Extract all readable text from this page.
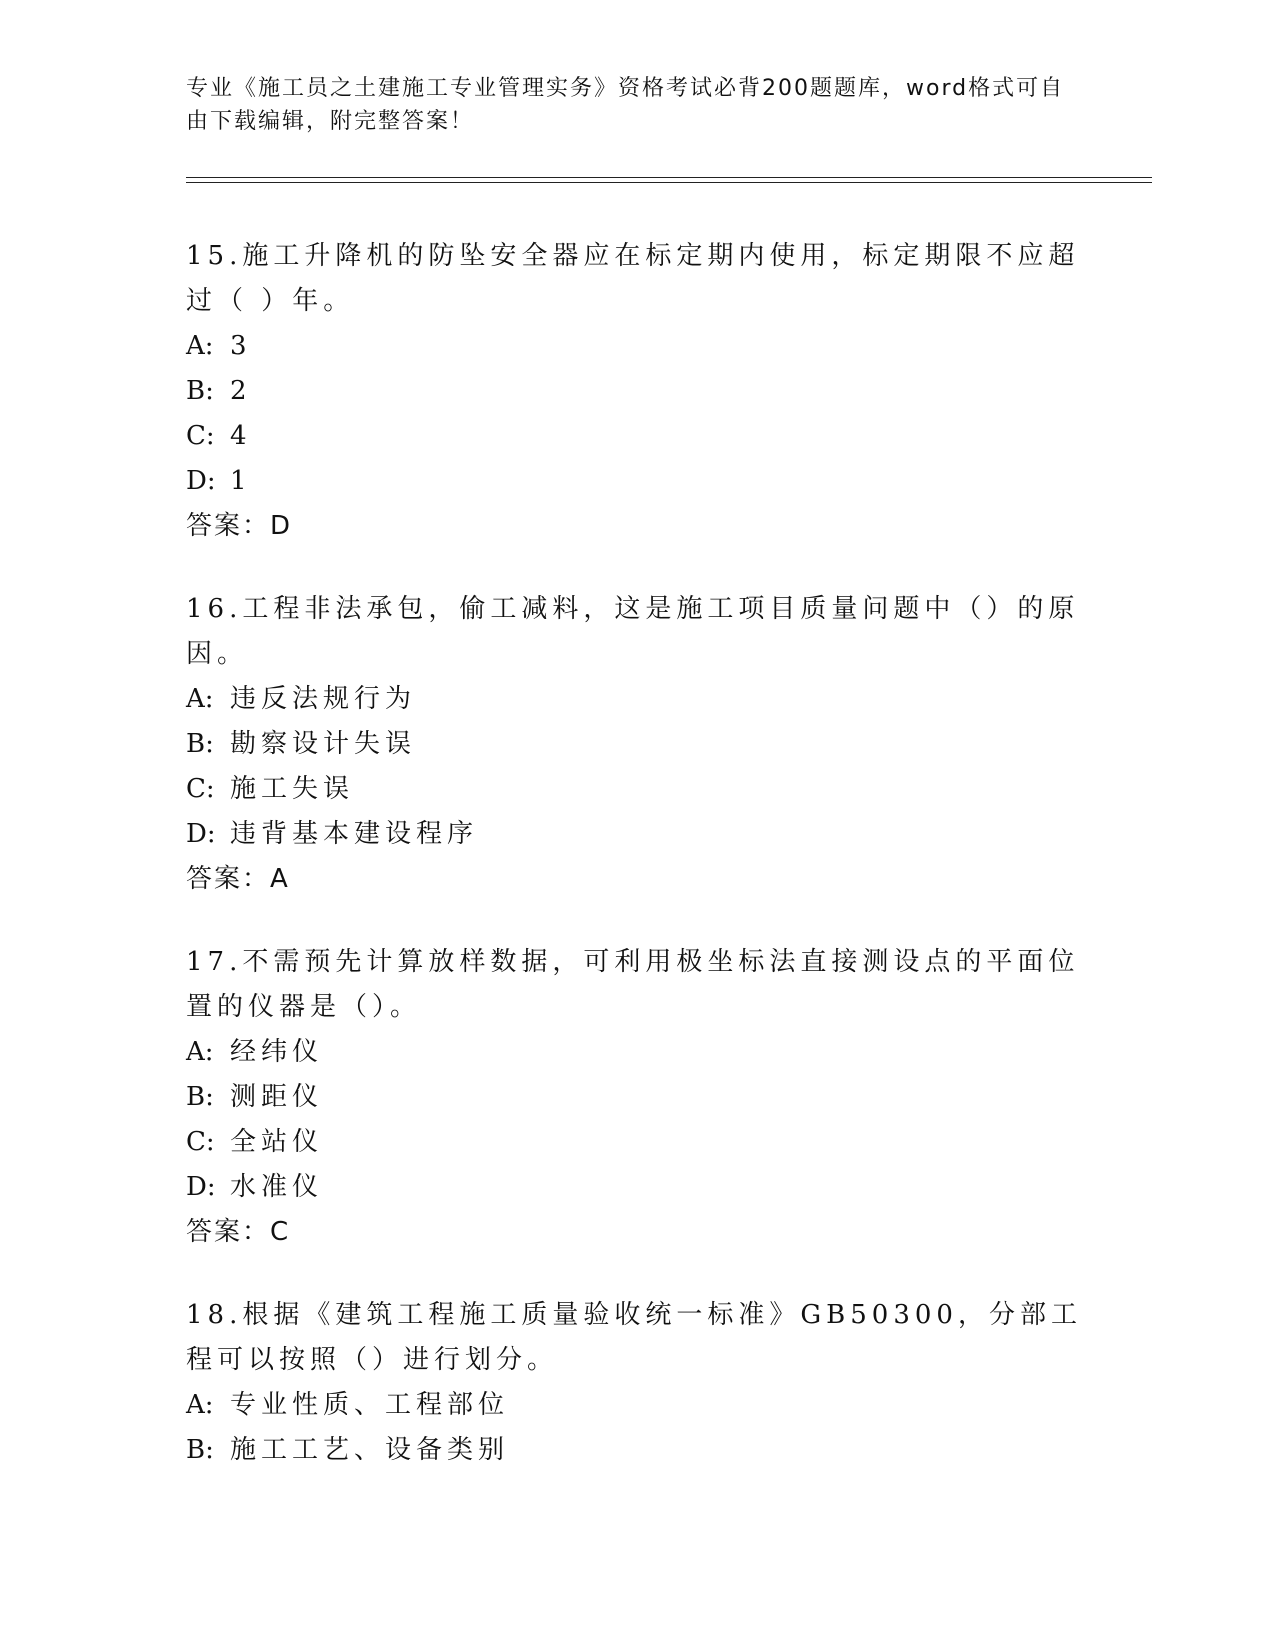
专业《施工员之土建施工专业管理实务》资格考试必背200题题库，word格式可自由下载编辑，附完整答案！

15.施工升降机的防坠安全器应在标定期内使用，标定期限不应超过（ ）年。

A: 3
B: 2
C: 4
D: 1
答案：D

16.工程非法承包，偷工减料，这是施工项目质量问题中（）的原因。

A: 违反法规行为
B: 勘察设计失误
C: 施工失误
D: 违背基本建设程序
答案：A

17.不需预先计算放样数据，可利用极坐标法直接测设点的平面位置的仪器是（）。

A: 经纬仪
B: 测距仪
C: 全站仪
D: 水准仪
答案：C

18.根据《建筑工程施工质量验收统一标准》GB50300，分部工程可以按照（）进行划分。

A: 专业性质、工程部位
B: 施工工艺、设备类别
